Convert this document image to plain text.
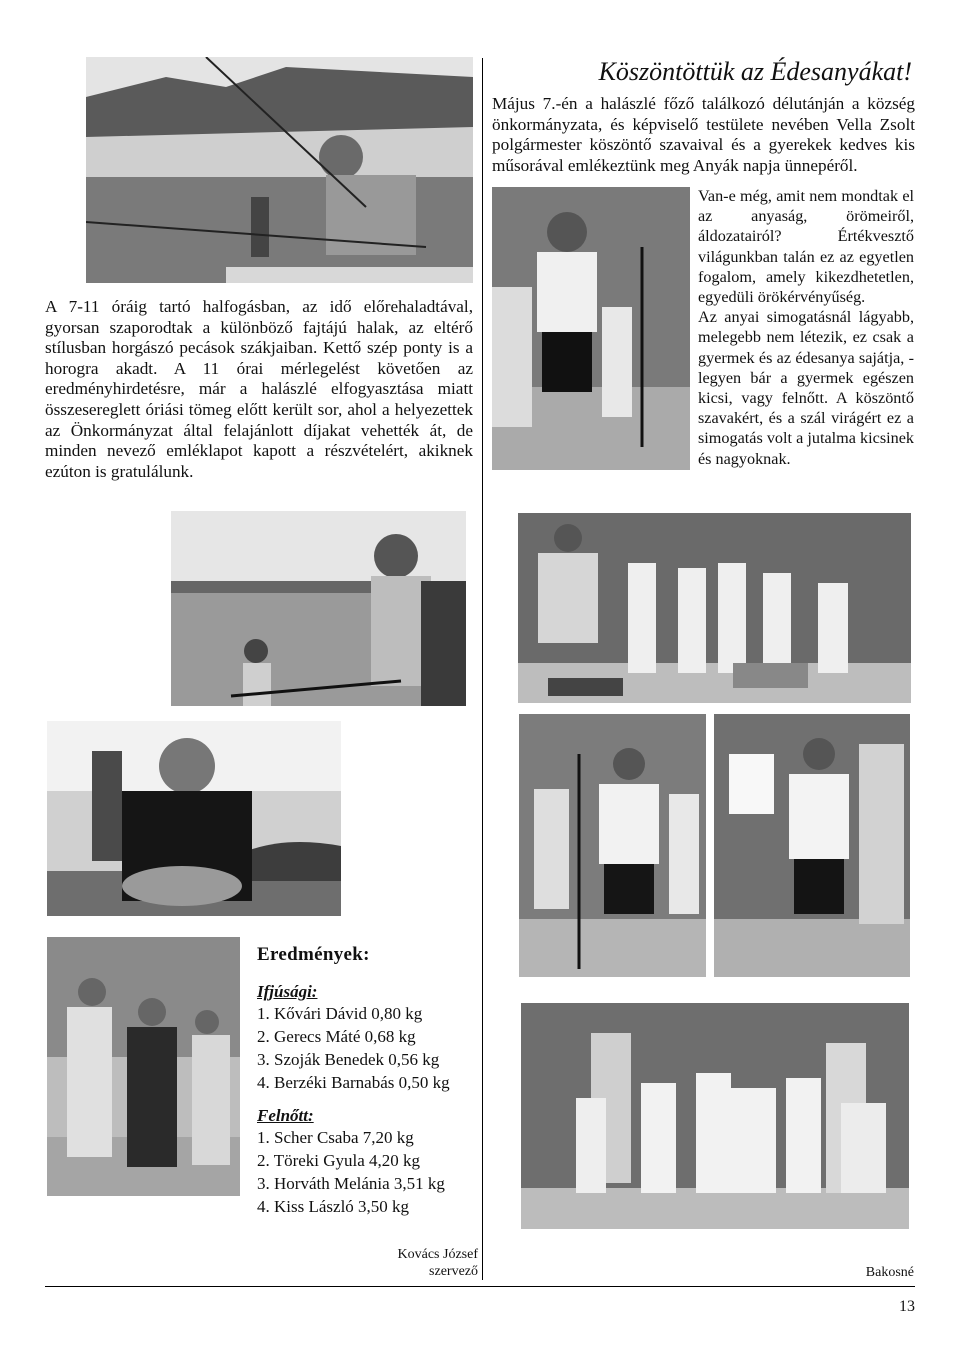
A 7-11 óráig tartó halfogásban, az idő előrehaladtával, gyorsan szaporodtak a különböző fajtájú halak, az eltérő stílusban horgászó pecások szákjaiban. Kettő szép ponty is a horogra akadt. A 11 órai mérlegelést követően az eredményhirdetésre, már a halászlé elfogyasztása miatt összesereglett óriási tömeg előtt került sor, ahol a helyezettek az Önkormányzat által felajánlott díjakat vehették át, de minden nevező emléklapot kapott a részvételért, akiknek ezúton is gratulálunk.

Eredmények:
Ifjúsági:
1. Kővári Dávid 0,80 kg
2. Gerecs Máté 0,68 kg
3. Szoják Benedek 0,56 kg
4. Berzéki Barnabás 0,50 kg
Felnőtt:
1. Scher Csaba 7,20 kg
2. Töreki Gyula 4,20 kg
3. Horváth Melánia 3,51 kg
4. Kiss László 3,50 kg
Kovács József
szervező
Köszöntöttük az Édesanyákat!

Május 7.-én a halászlé főző találkozó délutánján a község önkormányzata, és képviselő testülete nevében Vella Zsolt polgármester köszöntő szavaival és a gyerekek kedves kis műsorával emlékeztünk meg Anyák napja ünnepéről.

Van-e még, amit nem mondtak el az anyaság, örömeiről, áldozatairól? Értékvesztő világunkban talán ez az egyetlen fogalom, amely kikezdhetetlen, egyedüli örökérvényűség.

Az anyai simogatásnál lágyabb, melegebb nem létezik, ez csak a gyermek és az édesanya sajátja, - legyen bár a gyermek egészen kicsi, vagy felnőtt. A köszöntő szavakért, és a szál virágért ez a simogatás volt a jutalma kicsinek és nagyoknak.

Bakosné
13
